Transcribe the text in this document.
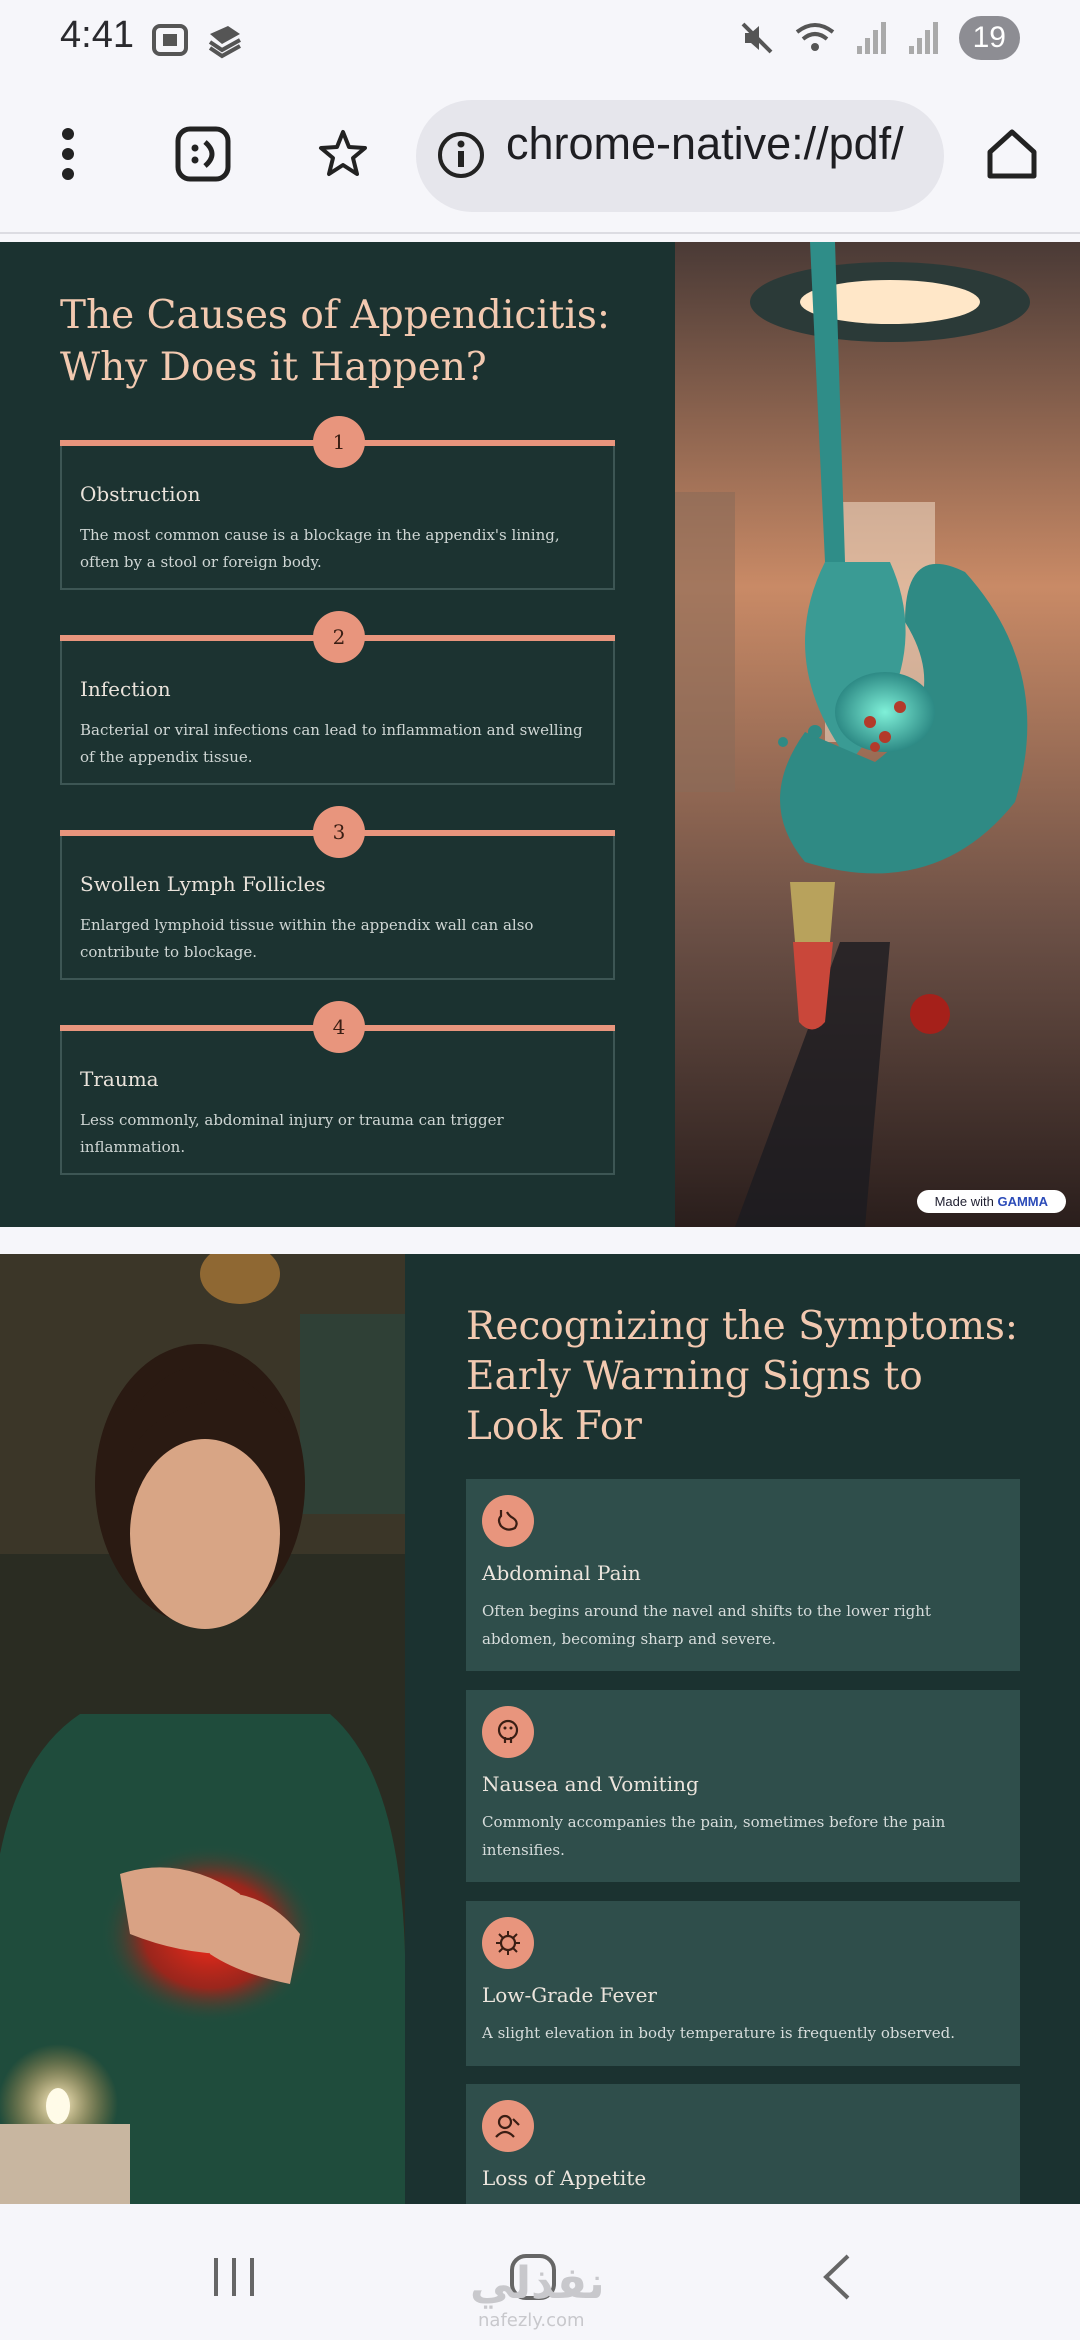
4:41	19
chrome-native://pdf/
The Causes of Appendicitis: Why Does it Happen?
1
Obstruction
The most common cause is a blockage in the appendix's lining, often by a stool or foreign body.
2
Infection
Bacterial or viral infections can lead to inflammation and swelling of the appendix tissue.
3
Swollen Lymph Follicles
Enlarged lymphoid tissue within the appendix wall can also contribute to blockage.
4
Trauma
Less commonly, abdominal injury or trauma can trigger inflammation.
Made with GAMMA
Recognizing the Symptoms: Early Warning Signs to Look For
Abdominal Pain
Often begins around the navel and shifts to the lower right abdomen, becoming sharp and severe.
Nausea and Vomiting
Commonly accompanies the pain, sometimes before the pain intensifies.
Low-Grade Fever
A slight elevation in body temperature is frequently observed.
Loss of Appetite
نفذلي
nafezly.com
